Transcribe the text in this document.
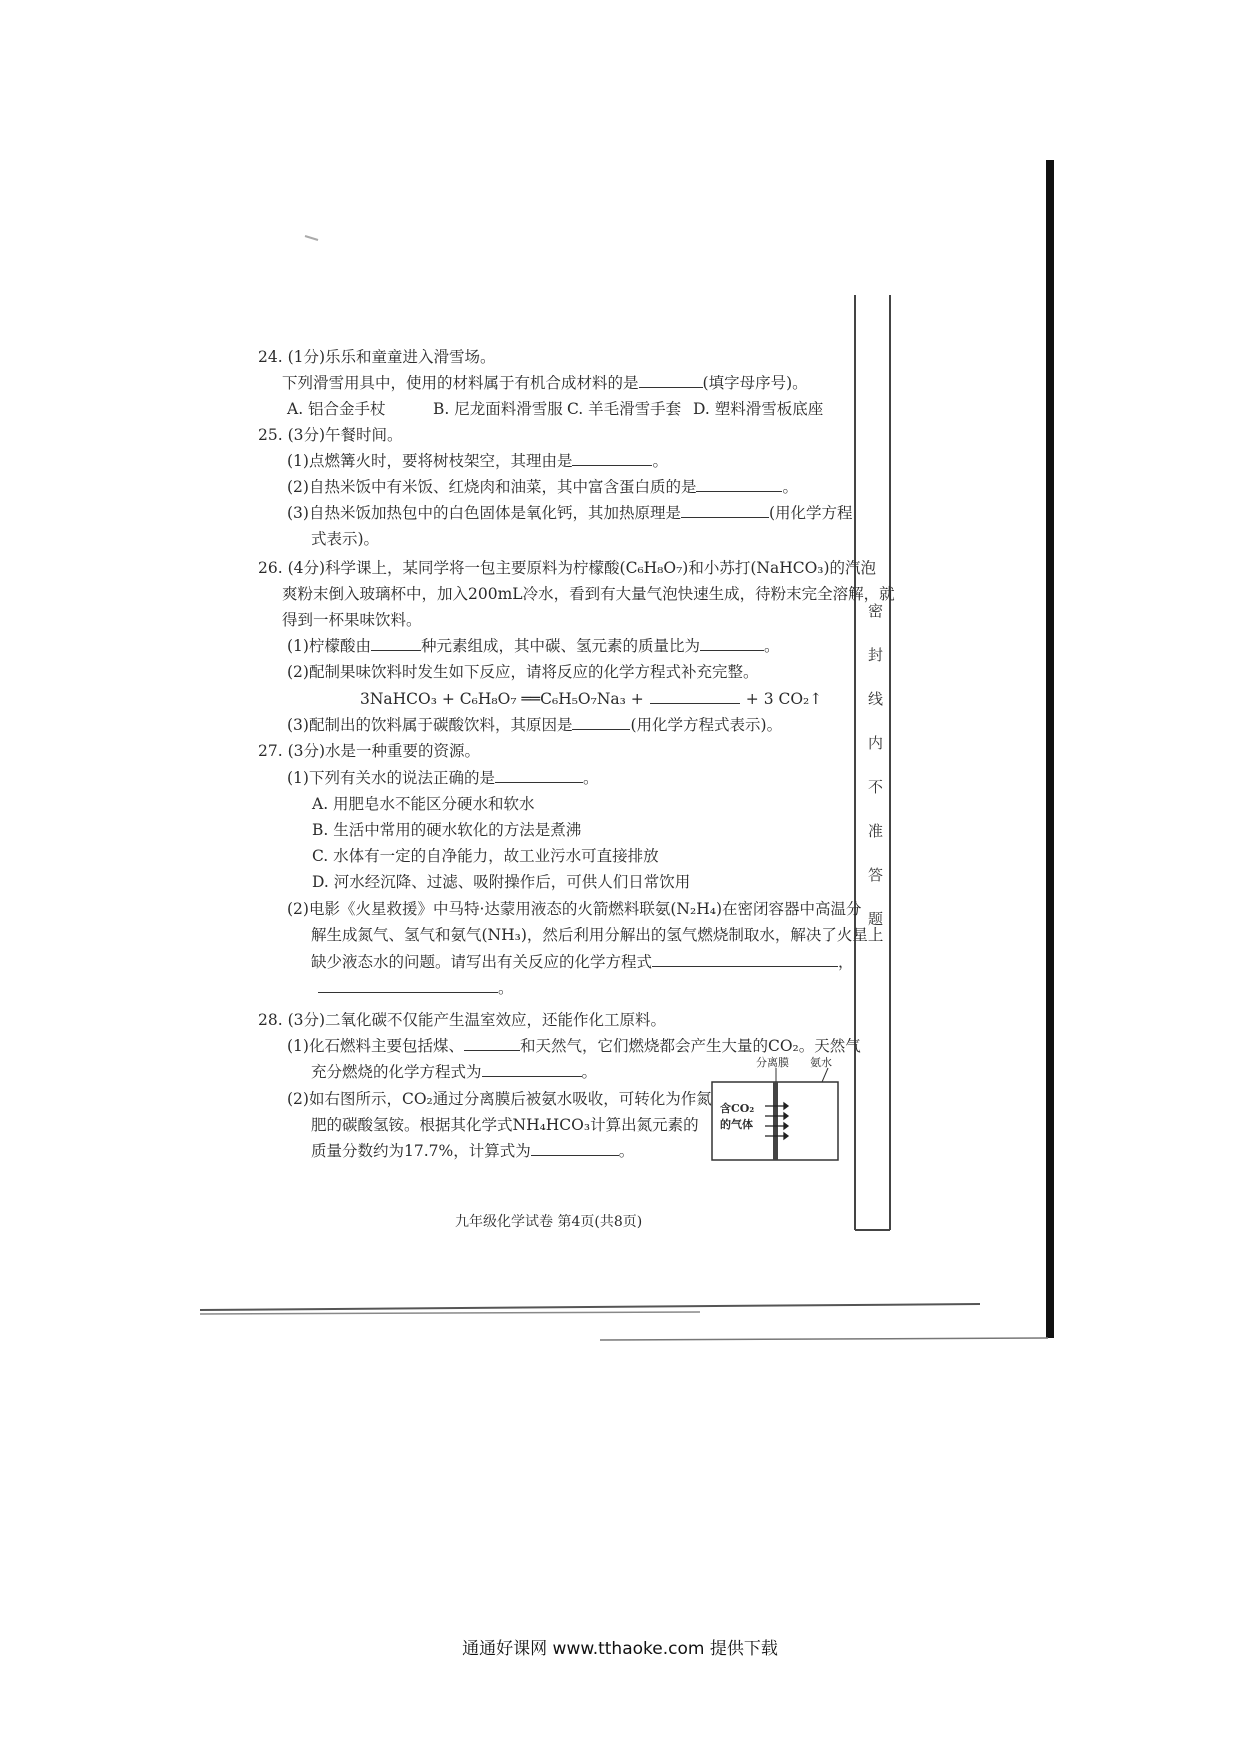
24. (1分)乐乐和童童进入滑雪场。
下列滑雪用具中，使用的材料属于有机合成材料的是	(填字母序号)。
A. 铝合金手杖	B. 尼龙面料滑雪服 C. 羊毛滑雪手套 D. 塑料滑雪板底座
25. (3分)午餐时间。
(1)点燃篝火时，要将树枝架空，其理由是	。
(2)自热米饭中有米饭、红烧肉和油菜，其中富含蛋白质的是	。
(3)自热米饭加热包中的白色固体是氧化钙，其加热原理是	(用化学方程
式表示)。
26. (4分)科学课上，某同学将一包主要原料为柠檬酸(C₆H₈O₇)和小苏打(NaHCO₃)的汽泡
爽粉末倒入玻璃杯中，加入200mL冷水，看到有大量气泡快速生成，待粉末完全溶解，就
得到一杯果味饮料。
(1)柠檬酸由	种元素组成，其中碳、氢元素的质量比为	。
(2)配制果味饮料时发生如下反应，请将反应的化学方程式补充完整。
3NaHCO₃ + C₆H₈O₇ ══C₆H₅O₇Na₃ +	+ 3 CO₂↑
(3)配制出的饮料属于碳酸饮料，其原因是	(用化学方程式表示)。
27. (3分)水是一种重要的资源。
(1)下列有关水的说法正确的是	。
A. 用肥皂水不能区分硬水和软水
B. 生活中常用的硬水软化的方法是煮沸
C. 水体有一定的自净能力，故工业污水可直接排放
D. 河水经沉降、过滤、吸附操作后，可供人们日常饮用
(2)电影《火星救援》中马特·达蒙用液态的火箭燃料联氨(N₂H₄)在密闭容器中高温分
解生成氮气、氢气和氨气(NH₃)，然后利用分解出的氢气燃烧制取水，解决了火星上
缺少液态水的问题。请写出有关反应的化学方程式	，
。
28. (3分)二氧化碳不仅能产生温室效应，还能作化工原料。
(1)化石燃料主要包括煤、	和天然气，它们燃烧都会产生大量的CO₂。天然气
充分燃烧的化学方程式为	。
(2)如右图所示，CO₂通过分离膜后被氨水吸收，可转化为作氮
肥的碳酸氢铵。根据其化学式NH₄HCO₃计算出氮元素的
质量分数约为17.7%，计算式为	。
分离膜 氨水
含CO₂
的气体
密
封
线
内
不
准
答
题
九年级化学试卷 第4页(共8页)
通通好课网 www.tthaoke.com 提供下载
